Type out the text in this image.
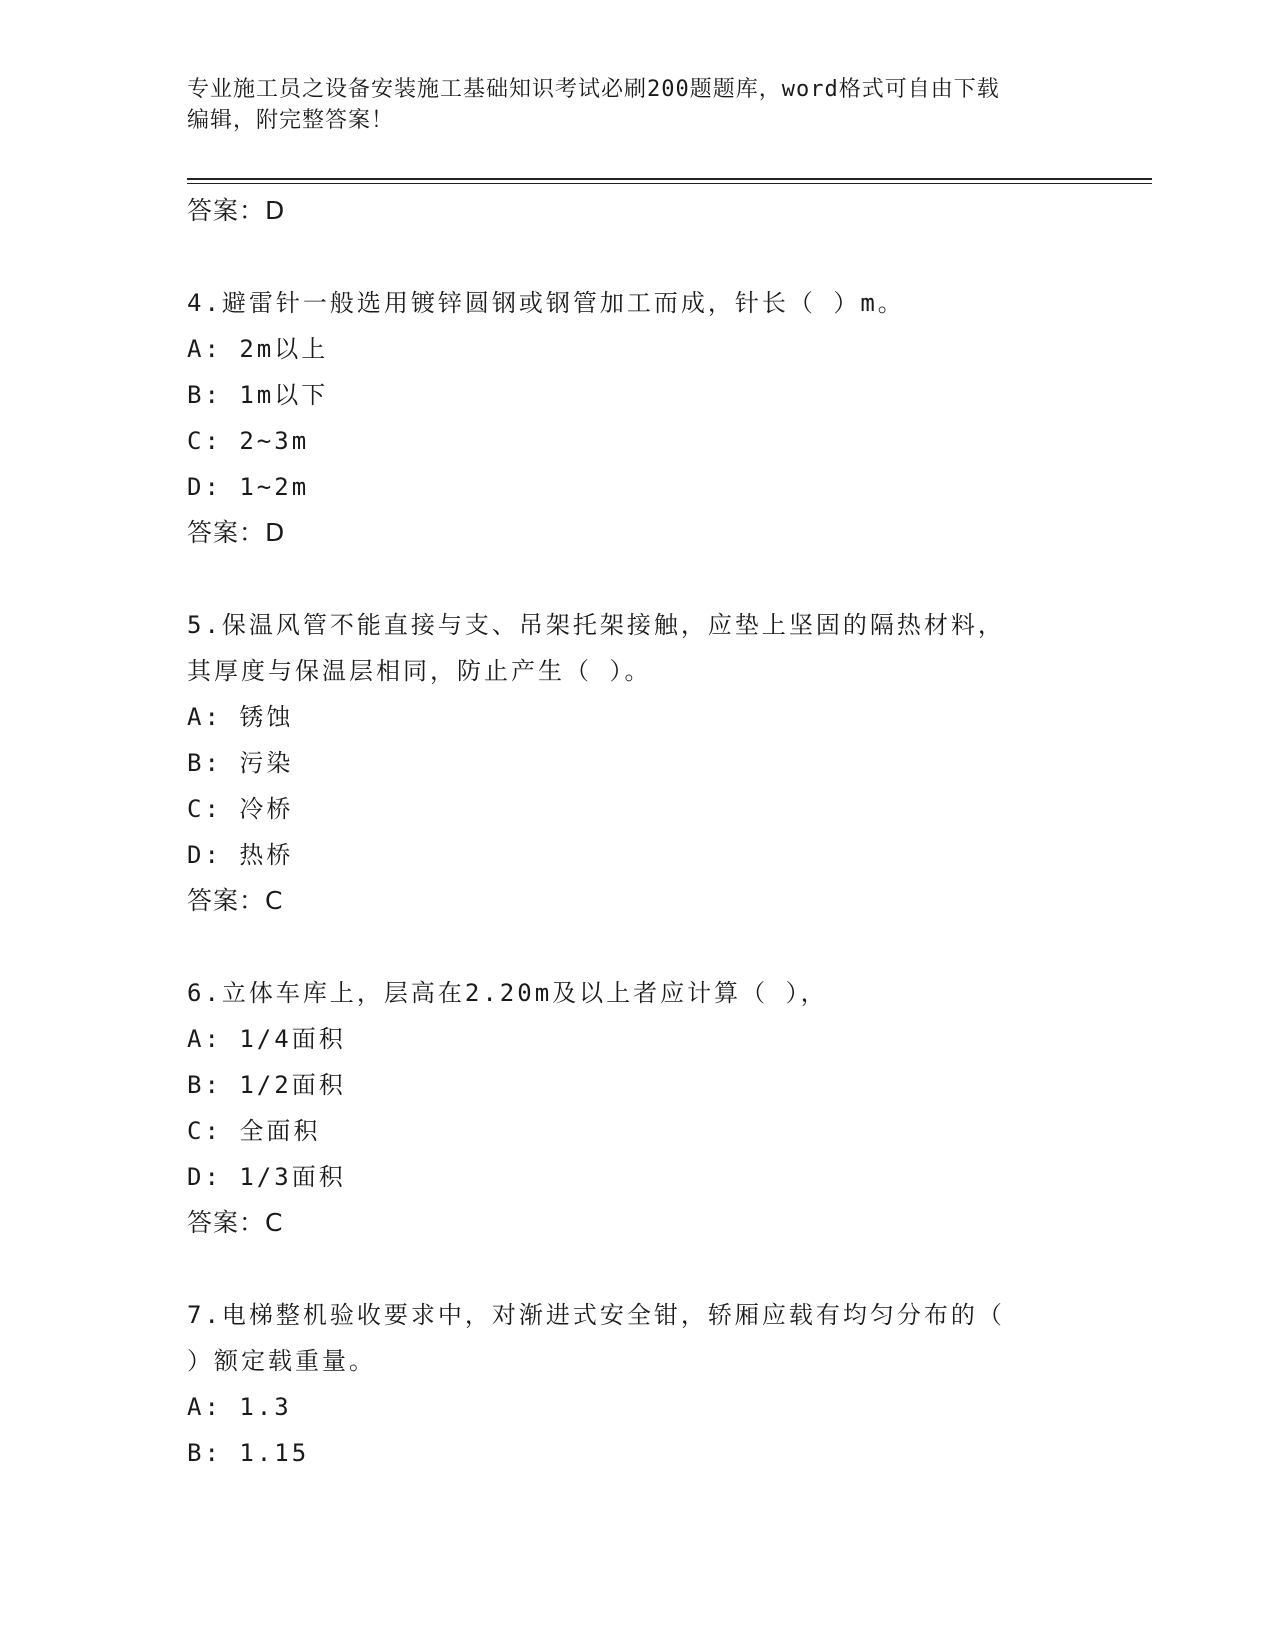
专业施工员之设备安装施工基础知识考试必刷200题题库，word格式可自由下载
编辑，附完整答案！
答案：D
4.避雷针一般选用镀锌圆钢或钢管加工而成，针长（ ）m。
A: 2m以上
B: 1m以下
C: 2~3m
D: 1~2m
答案：D
5.保温风管不能直接与支、吊架托架接触，应垫上坚固的隔热材料，
其厚度与保温层相同，防止产生（ ）。
A: 锈蚀
B: 污染
C: 冷桥
D: 热桥
答案：C
6.立体车库上，层高在2.20m及以上者应计算（ ），
A: 1/4面积
B: 1/2面积
C: 全面积
D: 1/3面积
答案：C
7.电梯整机验收要求中，对渐进式安全钳，轿厢应载有均匀分布的（
）额定载重量。
A: 1.3
B: 1.15
